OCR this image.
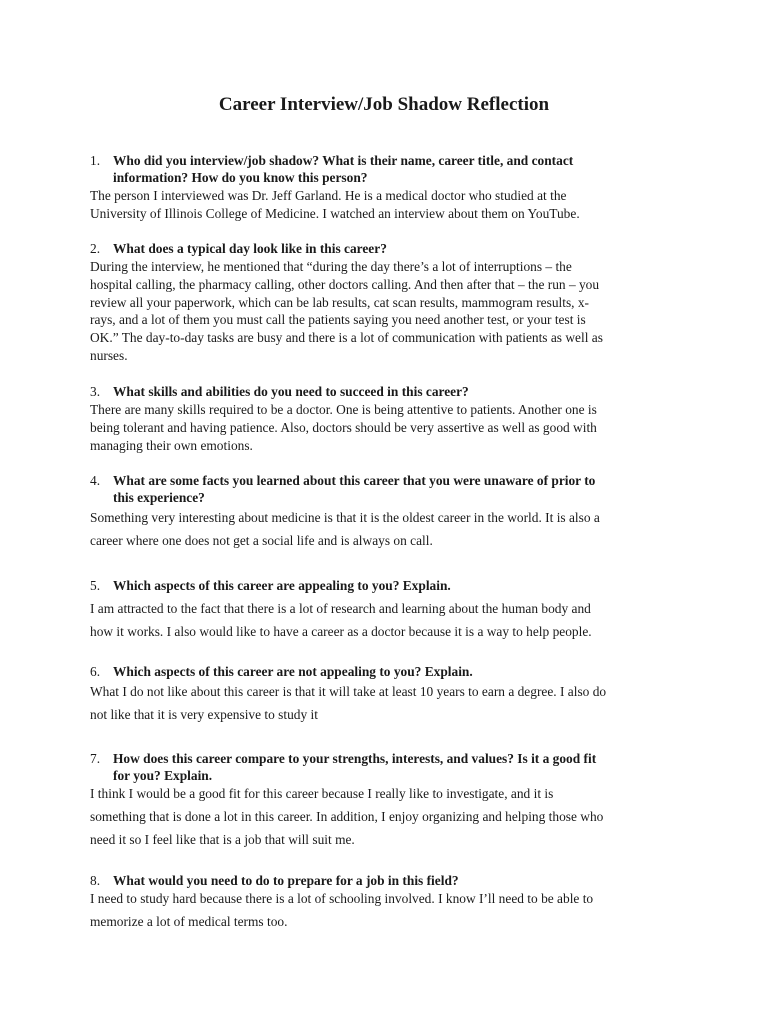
Career Interview/Job Shadow Reflection
1. Who did you interview/job shadow? What is their name, career title, and contact
information? How do you know this person?
The person I interviewed was Dr. Jeff Garland. He is a medical doctor who studied at the
University of Illinois College of Medicine. I watched an interview about them on YouTube.
2. What does a typical day look like in this career?
During the interview, he mentioned that “during the day there’s a lot of interruptions – the
hospital calling, the pharmacy calling, other doctors calling. And then after that – the run – you
review all your paperwork, which can be lab results, cat scan results, mammogram results, x-
rays, and a lot of them you must call the patients saying you need another test, or your test is
OK.” The day-to-day tasks are busy and there is a lot of communication with patients as well as
nurses.
3. What skills and abilities do you need to succeed in this career?
There are many skills required to be a doctor. One is being attentive to patients. Another one is
being tolerant and having patience. Also, doctors should be very assertive as well as good with
managing their own emotions.
4. What are some facts you learned about this career that you were unaware of prior to
this experience?
Something very interesting about medicine is that it is the oldest career in the world. It is also a
career where one does not get a social life and is always on call.
5. Which aspects of this career are appealing to you? Explain.
I am attracted to the fact that there is a lot of research and learning about the human body and
how it works. I also would like to have a career as a doctor because it is a way to help people.
6. Which aspects of this career are not appealing to you? Explain.
What I do not like about this career is that it will take at least 10 years to earn a degree. I also do
not like that it is very expensive to study it
7. How does this career compare to your strengths, interests, and values? Is it a good fit
for you? Explain.
I think I would be a good fit for this career because I really like to investigate, and it is
something that is done a lot in this career. In addition, I enjoy organizing and helping those who
need it so I feel like that is a job that will suit me.
8. What would you need to do to prepare for a job in this field?
I need to study hard because there is a lot of schooling involved. I know I’ll need to be able to
memorize a lot of medical terms too.
